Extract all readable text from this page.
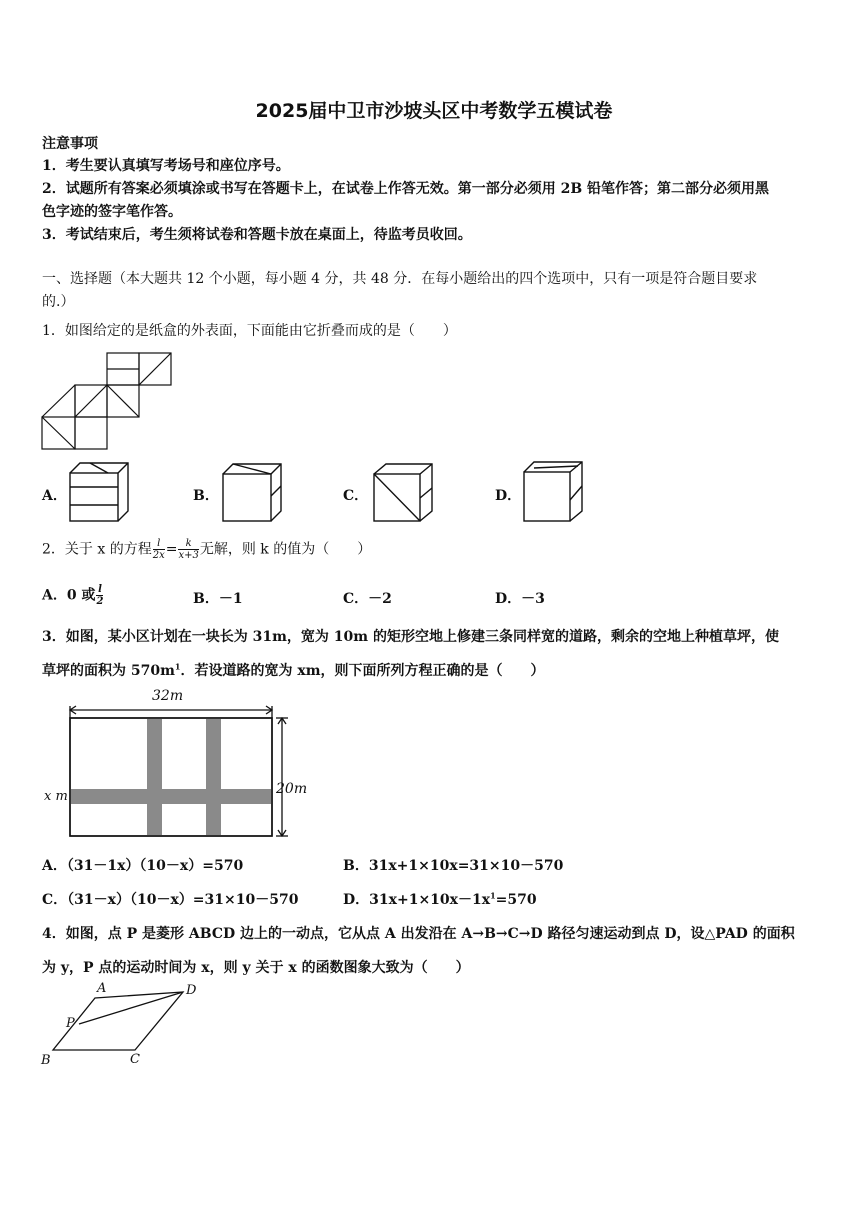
2025届中卫市沙坡头区中考数学五模试卷
注意事项
1．考生要认真填写考场号和座位序号。
2．试题所有答案必须填涂或书写在答题卡上，在试卷上作答无效。第一部分必须用 2B 铅笔作答；第二部分必须用黑
色字迹的签字笔作答。
3．考试结束后，考生须将试卷和答题卡放在桌面上，待监考员收回。
一、选择题（本大题共 12 个小题，每小题 4 分，共 48 分．在每小题给出的四个选项中，只有一项是符合题目要求
的.）
1．如图给定的是纸盒的外表面，下面能由它折叠而成的是（　　）
A．	B．	C．	D．
2．关于 x 的方程 $\frac{l}{2x} = \frac{k}{x+3}$ 无解，则 k 的值为（　　）
A．0 或 $\frac{l}{2}$	B．－1	C．－2	D．－3
3．如图，某小区计划在一块长为 31m，宽为 10m 的矩形空地上修建三条同样宽的道路，剩余的空地上种植草坪，使
草坪的面积为 $570m^1$．若设道路的宽为 xm，则下面所列方程正确的是（　　）
32m
20m
x m
A．（31－1x）（10－x）=570	B．31x+1×10x=31×10－570
C．（31－x）（10－x）=31×10－570	D．$31x+1\times 10x-1x^1=570$
4．如图，点 P 是菱形 ABCD 边上的一动点，它从点 A 出发沿在 A→B→C→D 路径匀速运动到点 D，设△PAD 的面积
为 y，P 点的运动时间为 x，则 y 关于 x 的函数图象大致为（　　）
A	D
P
B	C
